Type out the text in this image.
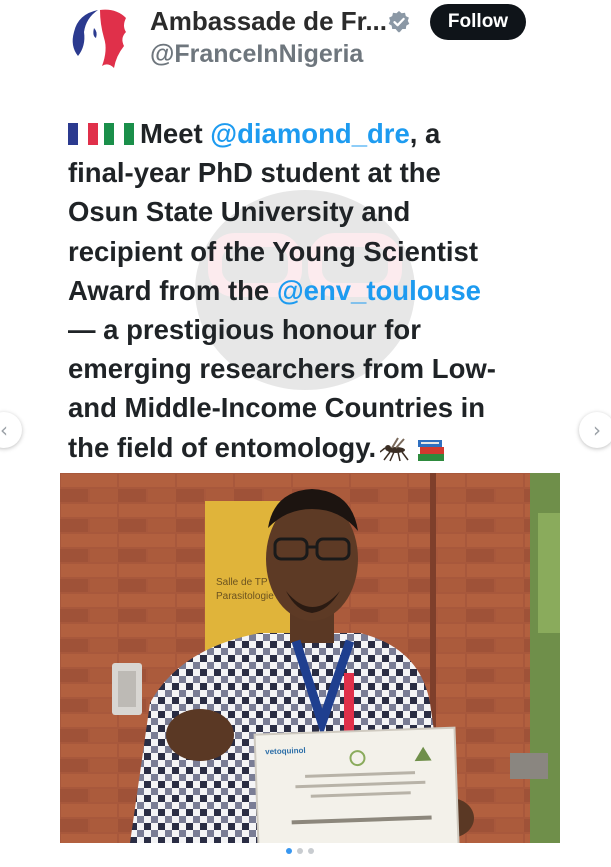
Ambassade de Fr...
@FranceInNigeria
Follow
Meet @diamond_dre, a
final-year PhD student at the
Osun State University and
recipient of the Young Scientist
Award from the @env_toulouse
— a prestigious honour for
emerging researchers from Low-
and Middle-Income Countries in
the field of entomology.
Salle de TP
Parasitologie
vetoquinol
‹	›
